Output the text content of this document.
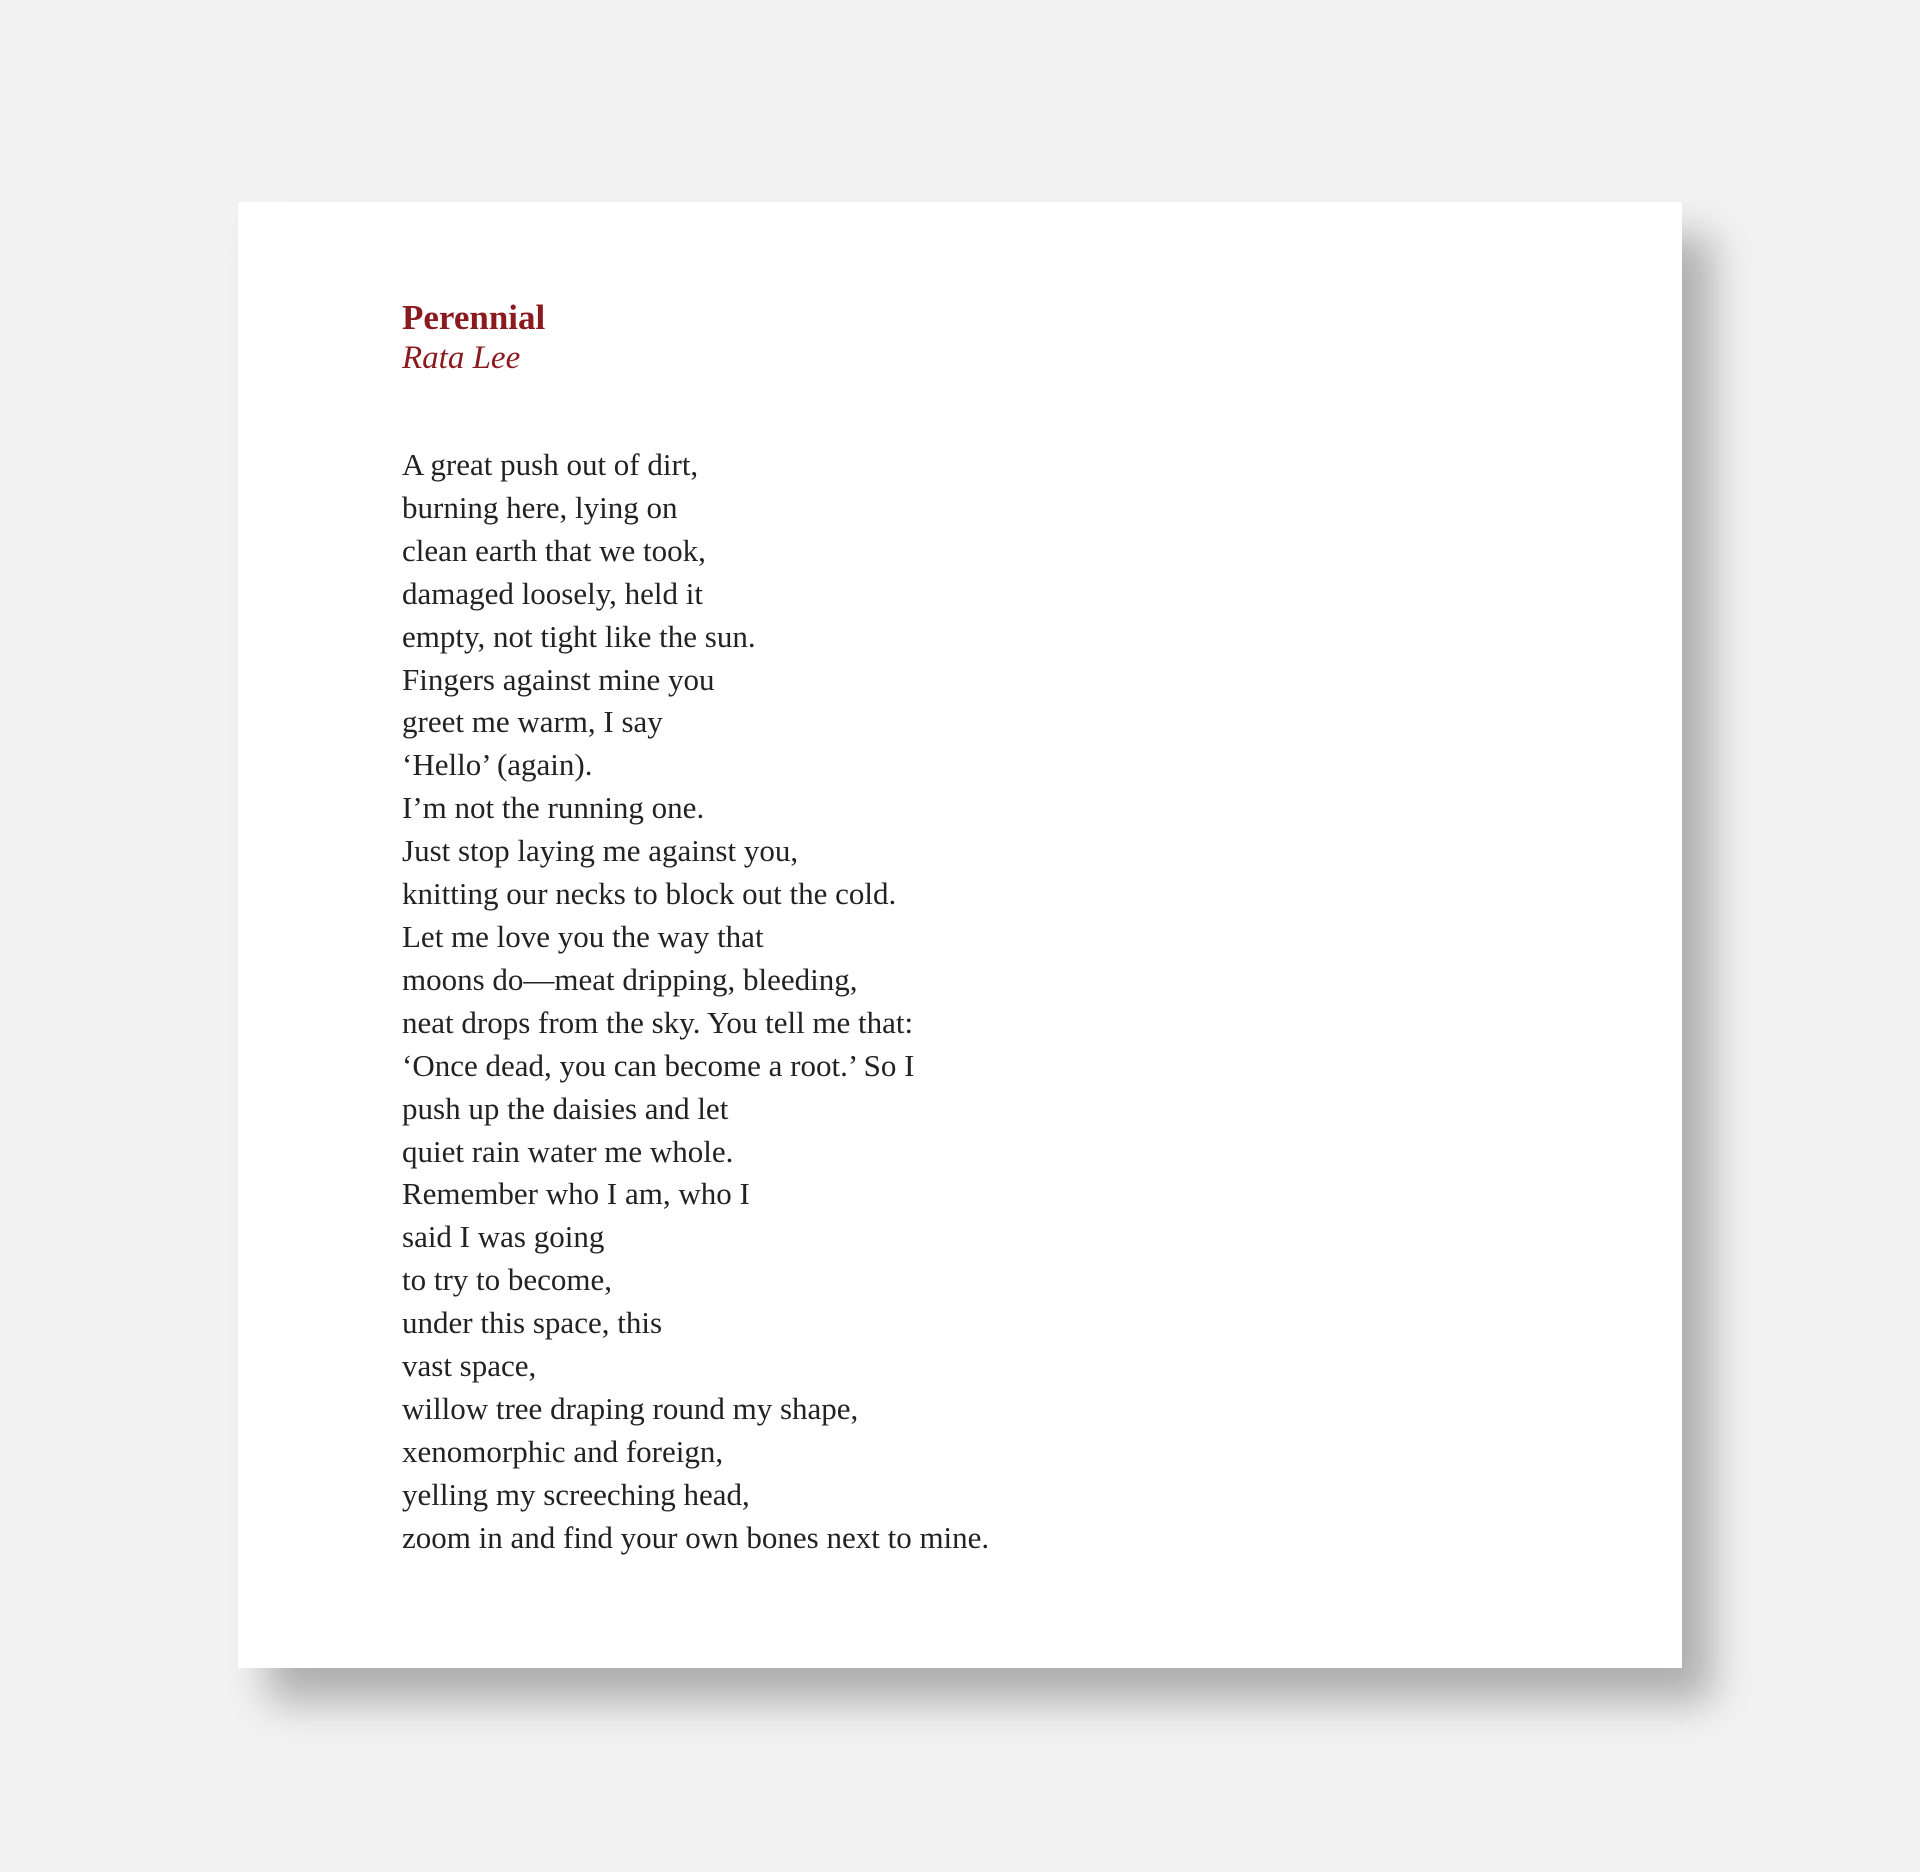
Perennial
Rata Lee
A great push out of dirt,
burning here, lying on
clean earth that we took,
damaged loosely, held it
empty, not tight like the sun.
Fingers against mine you
greet me warm, I say
‘Hello’ (again).
I’m not the running one.
Just stop laying me against you,
knitting our necks to block out the cold.
Let me love you the way that
moons do—meat dripping, bleeding,
neat drops from the sky. You tell me that:
‘Once dead, you can become a root.’ So I
push up the daisies and let
quiet rain water me whole.
Remember who I am, who I
said I was going
to try to become,
under this space, this
vast space,
willow tree draping round my shape,
xenomorphic and foreign,
yelling my screeching head,
zoom in and find your own bones next to mine.
